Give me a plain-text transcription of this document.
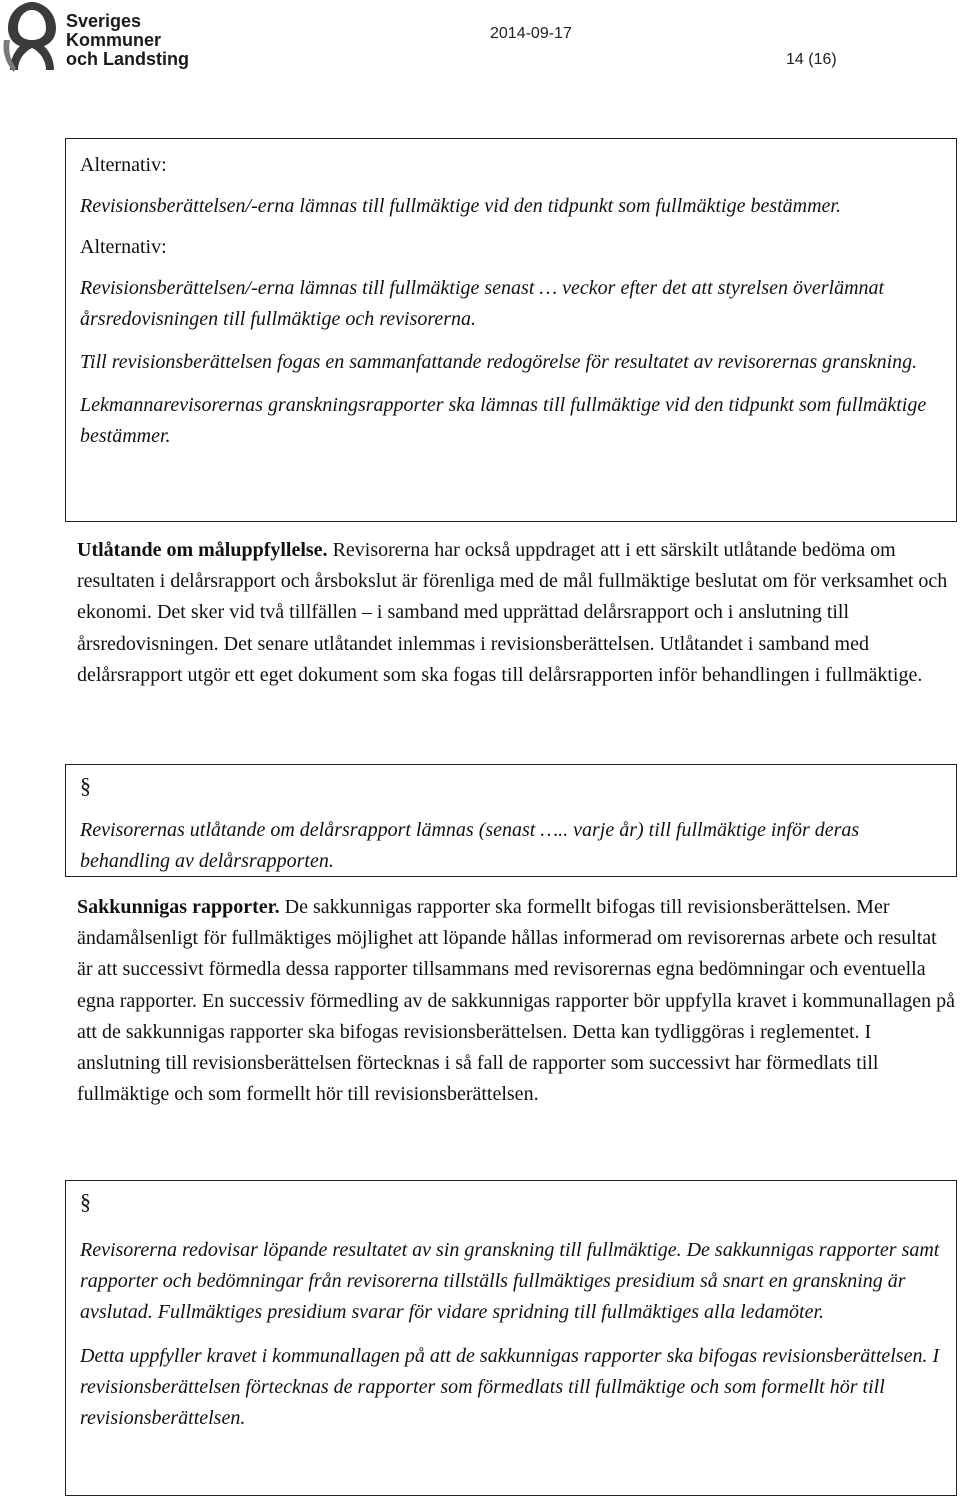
Sveriges
Kommuner
och Landsting
2014-09-17
14 (16)

Alternativ:

Revisionsberättelsen/-erna lämnas till fullmäktige vid den tidpunkt som fullmäktige bestämmer.

Alternativ:

Revisionsberättelsen/-erna lämnas till fullmäktige senast … veckor efter det att styrelsen överlämnat årsredovisningen till fullmäktige och revisorerna.

Till revisionsberättelsen fogas en sammanfattande redogörelse för resultatet av revisorernas granskning.

Lekmannarevisorernas granskningsrapporter ska lämnas till fullmäktige vid den tidpunkt som fullmäktige bestämmer.

Utlåtande om måluppfyllelse. Revisorerna har också uppdraget att i ett särskilt utlåtande bedöma om resultaten i delårsrapport och årsbokslut är förenliga med de mål fullmäktige beslutat om för verksamhet och ekonomi. Det sker vid två tillfällen – i samband med upprättad delårsrapport och i anslutning till årsredovisningen. Det senare utlåtandet inlemmas i revisionsberättelsen. Utlåtandet i samband med delårsrapport utgör ett eget dokument som ska fogas till delårsrapporten inför behandlingen i fullmäktige.
§

Revisorernas utlåtande om delårsrapport lämnas (senast ….. varje år) till fullmäktige inför deras behandling av delårsrapporten.

Sakkunnigas rapporter. De sakkunnigas rapporter ska formellt bifogas till revisionsberättelsen. Mer ändamålsenligt för fullmäktiges möjlighet att löpande hållas informerad om revisorernas arbete och resultat är att successivt förmedla dessa rapporter tillsammans med revisorernas egna bedömningar och eventuella egna rapporter. En successiv förmedling av de sakkunnigas rapporter bör uppfylla kravet i kommunallagen på att de sakkunnigas rapporter ska bifogas revisionsberättelsen. Detta kan tydliggöras i reglementet. I anslutning till revisionsberättelsen förtecknas i så fall de rapporter som successivt har förmedlats till fullmäktige och som formellt hör till revisionsberättelsen.
§

Revisorerna redovisar löpande resultatet av sin granskning till fullmäktige. De sakkunnigas rapporter samt rapporter och bedömningar från revisorerna tillställs fullmäktiges presidium så snart en granskning är avslutad. Fullmäktiges presidium svarar för vidare spridning till fullmäktiges alla ledamöter.

Detta uppfyller kravet i kommunallagen på att de sakkunnigas rapporter ska bifogas revisionsberättelsen. I revisionsberättelsen förtecknas de rapporter som förmedlats till fullmäktige och som formellt hör till revisionsberättelsen.
